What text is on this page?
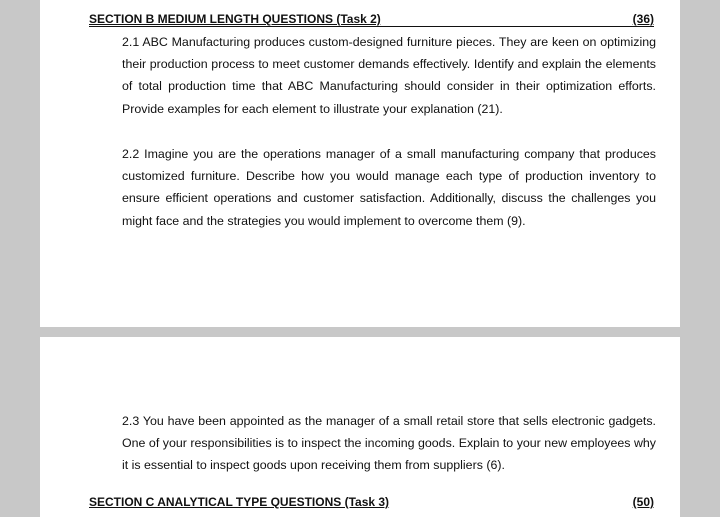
SECTION B MEDIUM LENGTH QUESTIONS (Task 2)	(36)
2.1 ABC Manufacturing produces custom-designed furniture pieces. They are keen on optimizing their production process to meet customer demands effectively. Identify and explain the elements of total production time that ABC Manufacturing should consider in their optimization efforts. Provide examples for each element to illustrate your explanation (21).
2.2 Imagine you are the operations manager of a small manufacturing company that produces customized furniture. Describe how you would manage each type of production inventory to ensure efficient operations and customer satisfaction. Additionally, discuss the challenges you might face and the strategies you would implement to overcome them (9).
2.3 You have been appointed as the manager of a small retail store that sells electronic gadgets. One of your responsibilities is to inspect the incoming goods. Explain to your new employees why it is essential to inspect goods upon receiving them from suppliers (6).
SECTION C ANALYTICAL TYPE QUESTIONS (Task 3)	(50)
